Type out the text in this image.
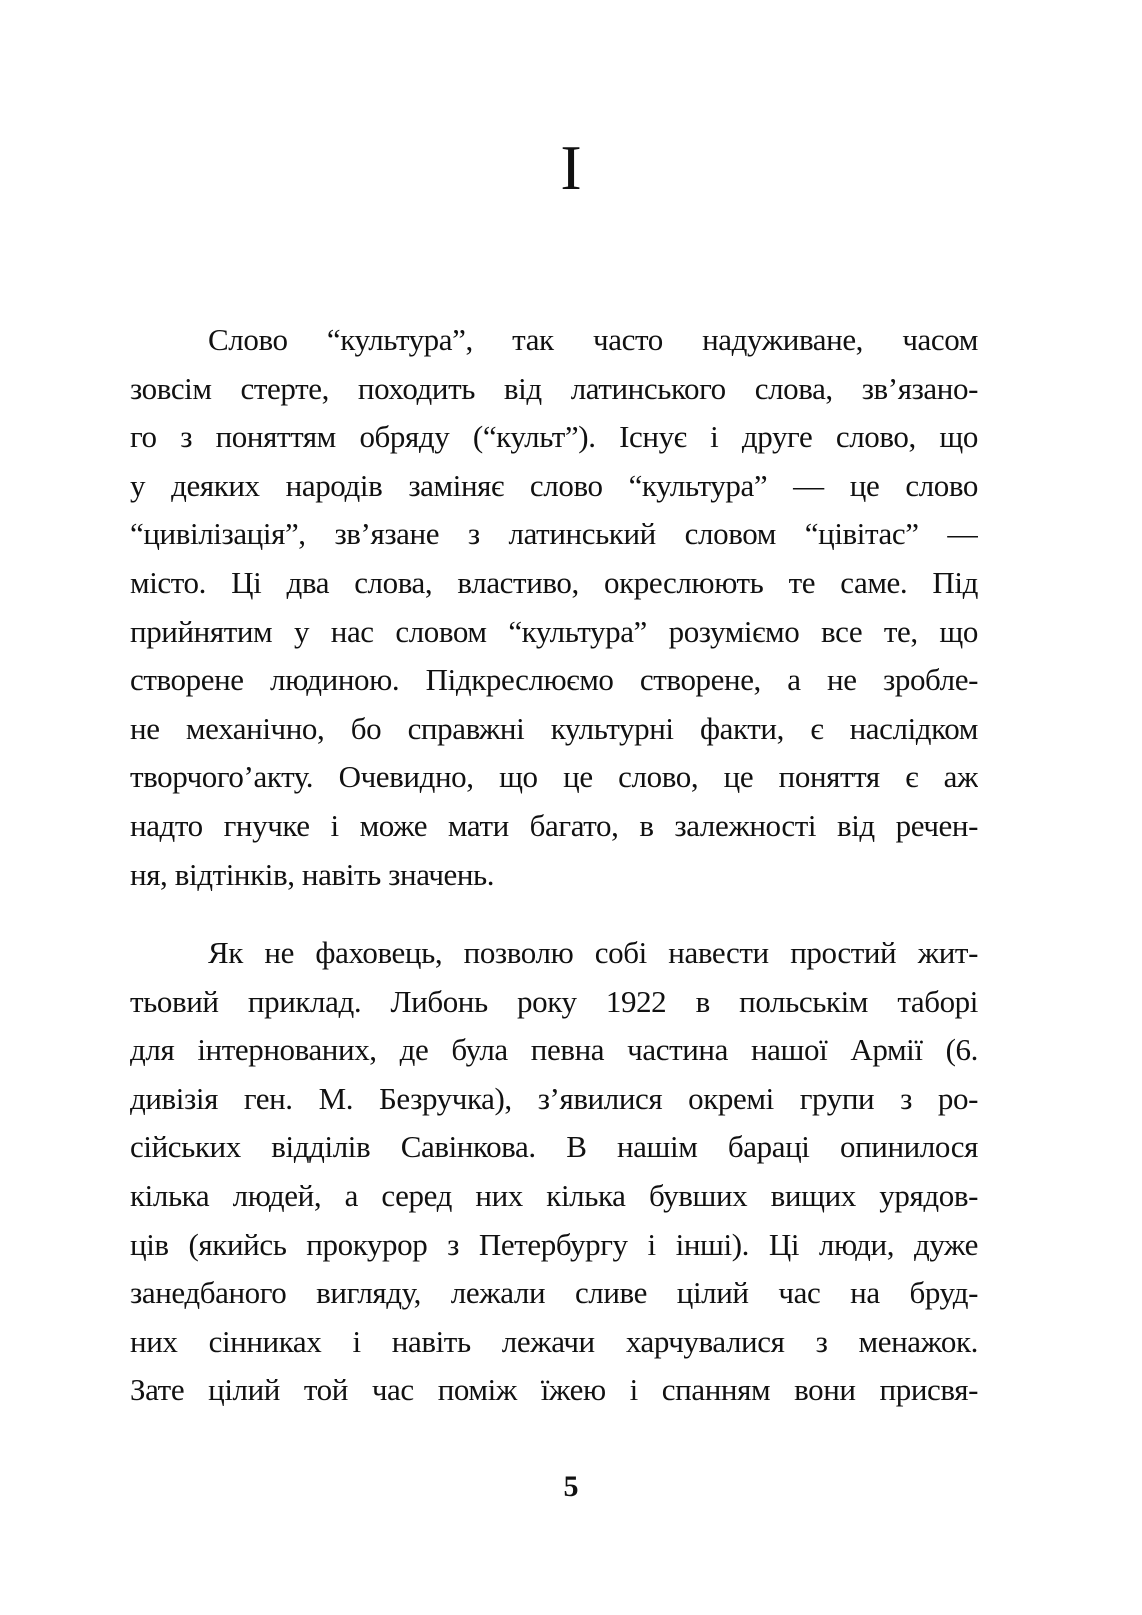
I
Слово “культура”, так часто надуживане, часом
зовсім стерте, походить від латинського слова, зв’язано-
го з поняттям обряду (“культ”). Існує і друге слово, що
у деяких народів заміняє слово “культура” — це слово
“цивілізація”, зв’язане з латинський словом “цівітас” —
місто. Ці два слова, властиво, окреслюють те саме. Під
прийнятим у нас словом “культура” розуміємо все те, що
створене людиною. Підкреслюємо створене, а не зробле-
не механічно, бо справжні культурні факти, є наслідком
творчого’акту. Очевидно, що це слово, це поняття є аж
надто гнучке і може мати багато, в залежності від речен-
ня, відтінків, навіть значень.
Як не фаховець, позволю собі навести простий жит-
тьовий приклад. Либонь року 1922 в польськім таборі
для інтернованих, де була певна частина нашої Армії (6.
дивізія ген. М. Безручка), з’явилися окремі групи з ро-
сійських відділів Савінкова. В нашім бараці опинилося
кілька людей, а серед них кілька бувших вищих урядов-
ців (якийсь прокурор з Петербургу і інші). Ці люди, дуже
занедбаного вигляду, лежали сливе цілий час на бруд-
них сінниках і навіть лежачи харчувалися з менажок.
Зате цілий той час поміж їжею і спанням вони присвя-
5
